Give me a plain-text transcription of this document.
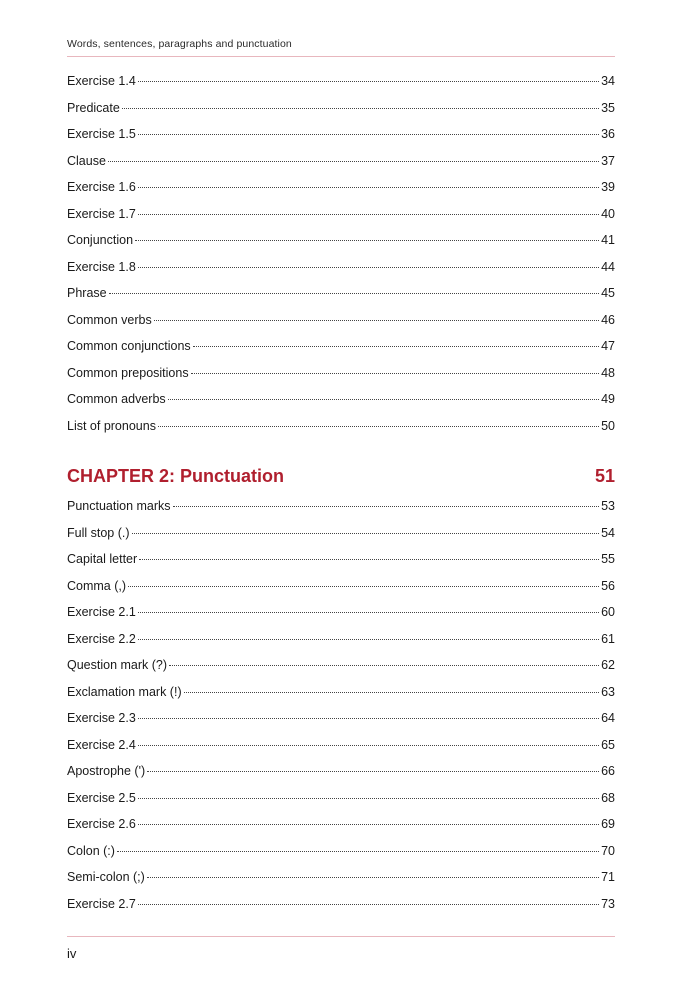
Words, sentences, paragraphs and punctuation
Exercise 1.4	34
Predicate	35
Exercise 1.5	36
Clause	37
Exercise 1.6	39
Exercise 1.7	40
Conjunction	41
Exercise 1.8	44
Phrase	45
Common verbs	46
Common conjunctions	47
Common prepositions	48
Common adverbs	49
List of pronouns	50
CHAPTER 2: Punctuation	51
Punctuation marks	53
Full stop (.)	54
Capital letter	55
Comma (,)	56
Exercise 2.1	60
Exercise 2.2	61
Question mark (?)	62
Exclamation mark (!)	63
Exercise 2.3	64
Exercise 2.4	65
Apostrophe (')	66
Exercise 2.5	68
Exercise 2.6	69
Colon (:)	70
Semi-colon (;)	71
Exercise 2.7	73
iv
